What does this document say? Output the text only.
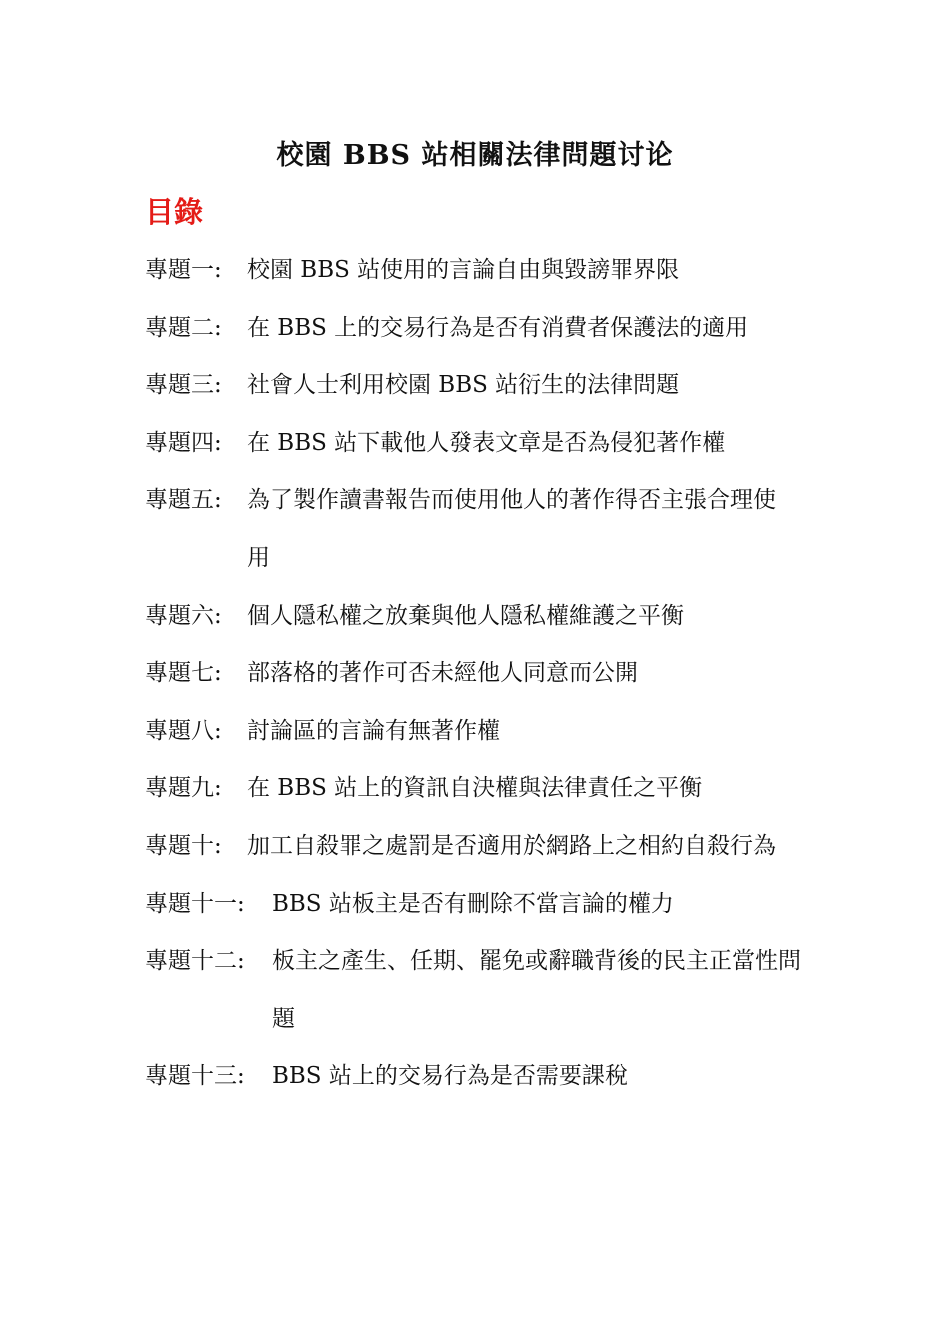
校園 BBS 站相關法律問題讨论
目錄
專題一:	校園 BBS 站使用的言論自由與毀謗罪界限
專題二:	在 BBS 上的交易行為是否有消費者保護法的適用
專題三:	社會人士利用校園 BBS 站衍生的法律問題
專題四:	在 BBS 站下載他人發表文章是否為侵犯著作權
專題五:	為了製作讀書報告而使用他人的著作得否主張合理使用
專題六:	個人隱私權之放棄與他人隱私權維護之平衡
專題七:	部落格的著作可否未經他人同意而公開
專題八:	討論區的言論有無著作權
專題九:	在 BBS 站上的資訊自決權與法律責任之平衡
專題十:	加工自殺罪之處罰是否適用於網路上之相約自殺行為
專題十一:	BBS 站板主是否有刪除不當言論的權力
專題十二:	板主之產生、任期、罷免或辭職背後的民主正當性問題
專題十三:	BBS 站上的交易行為是否需要課稅
